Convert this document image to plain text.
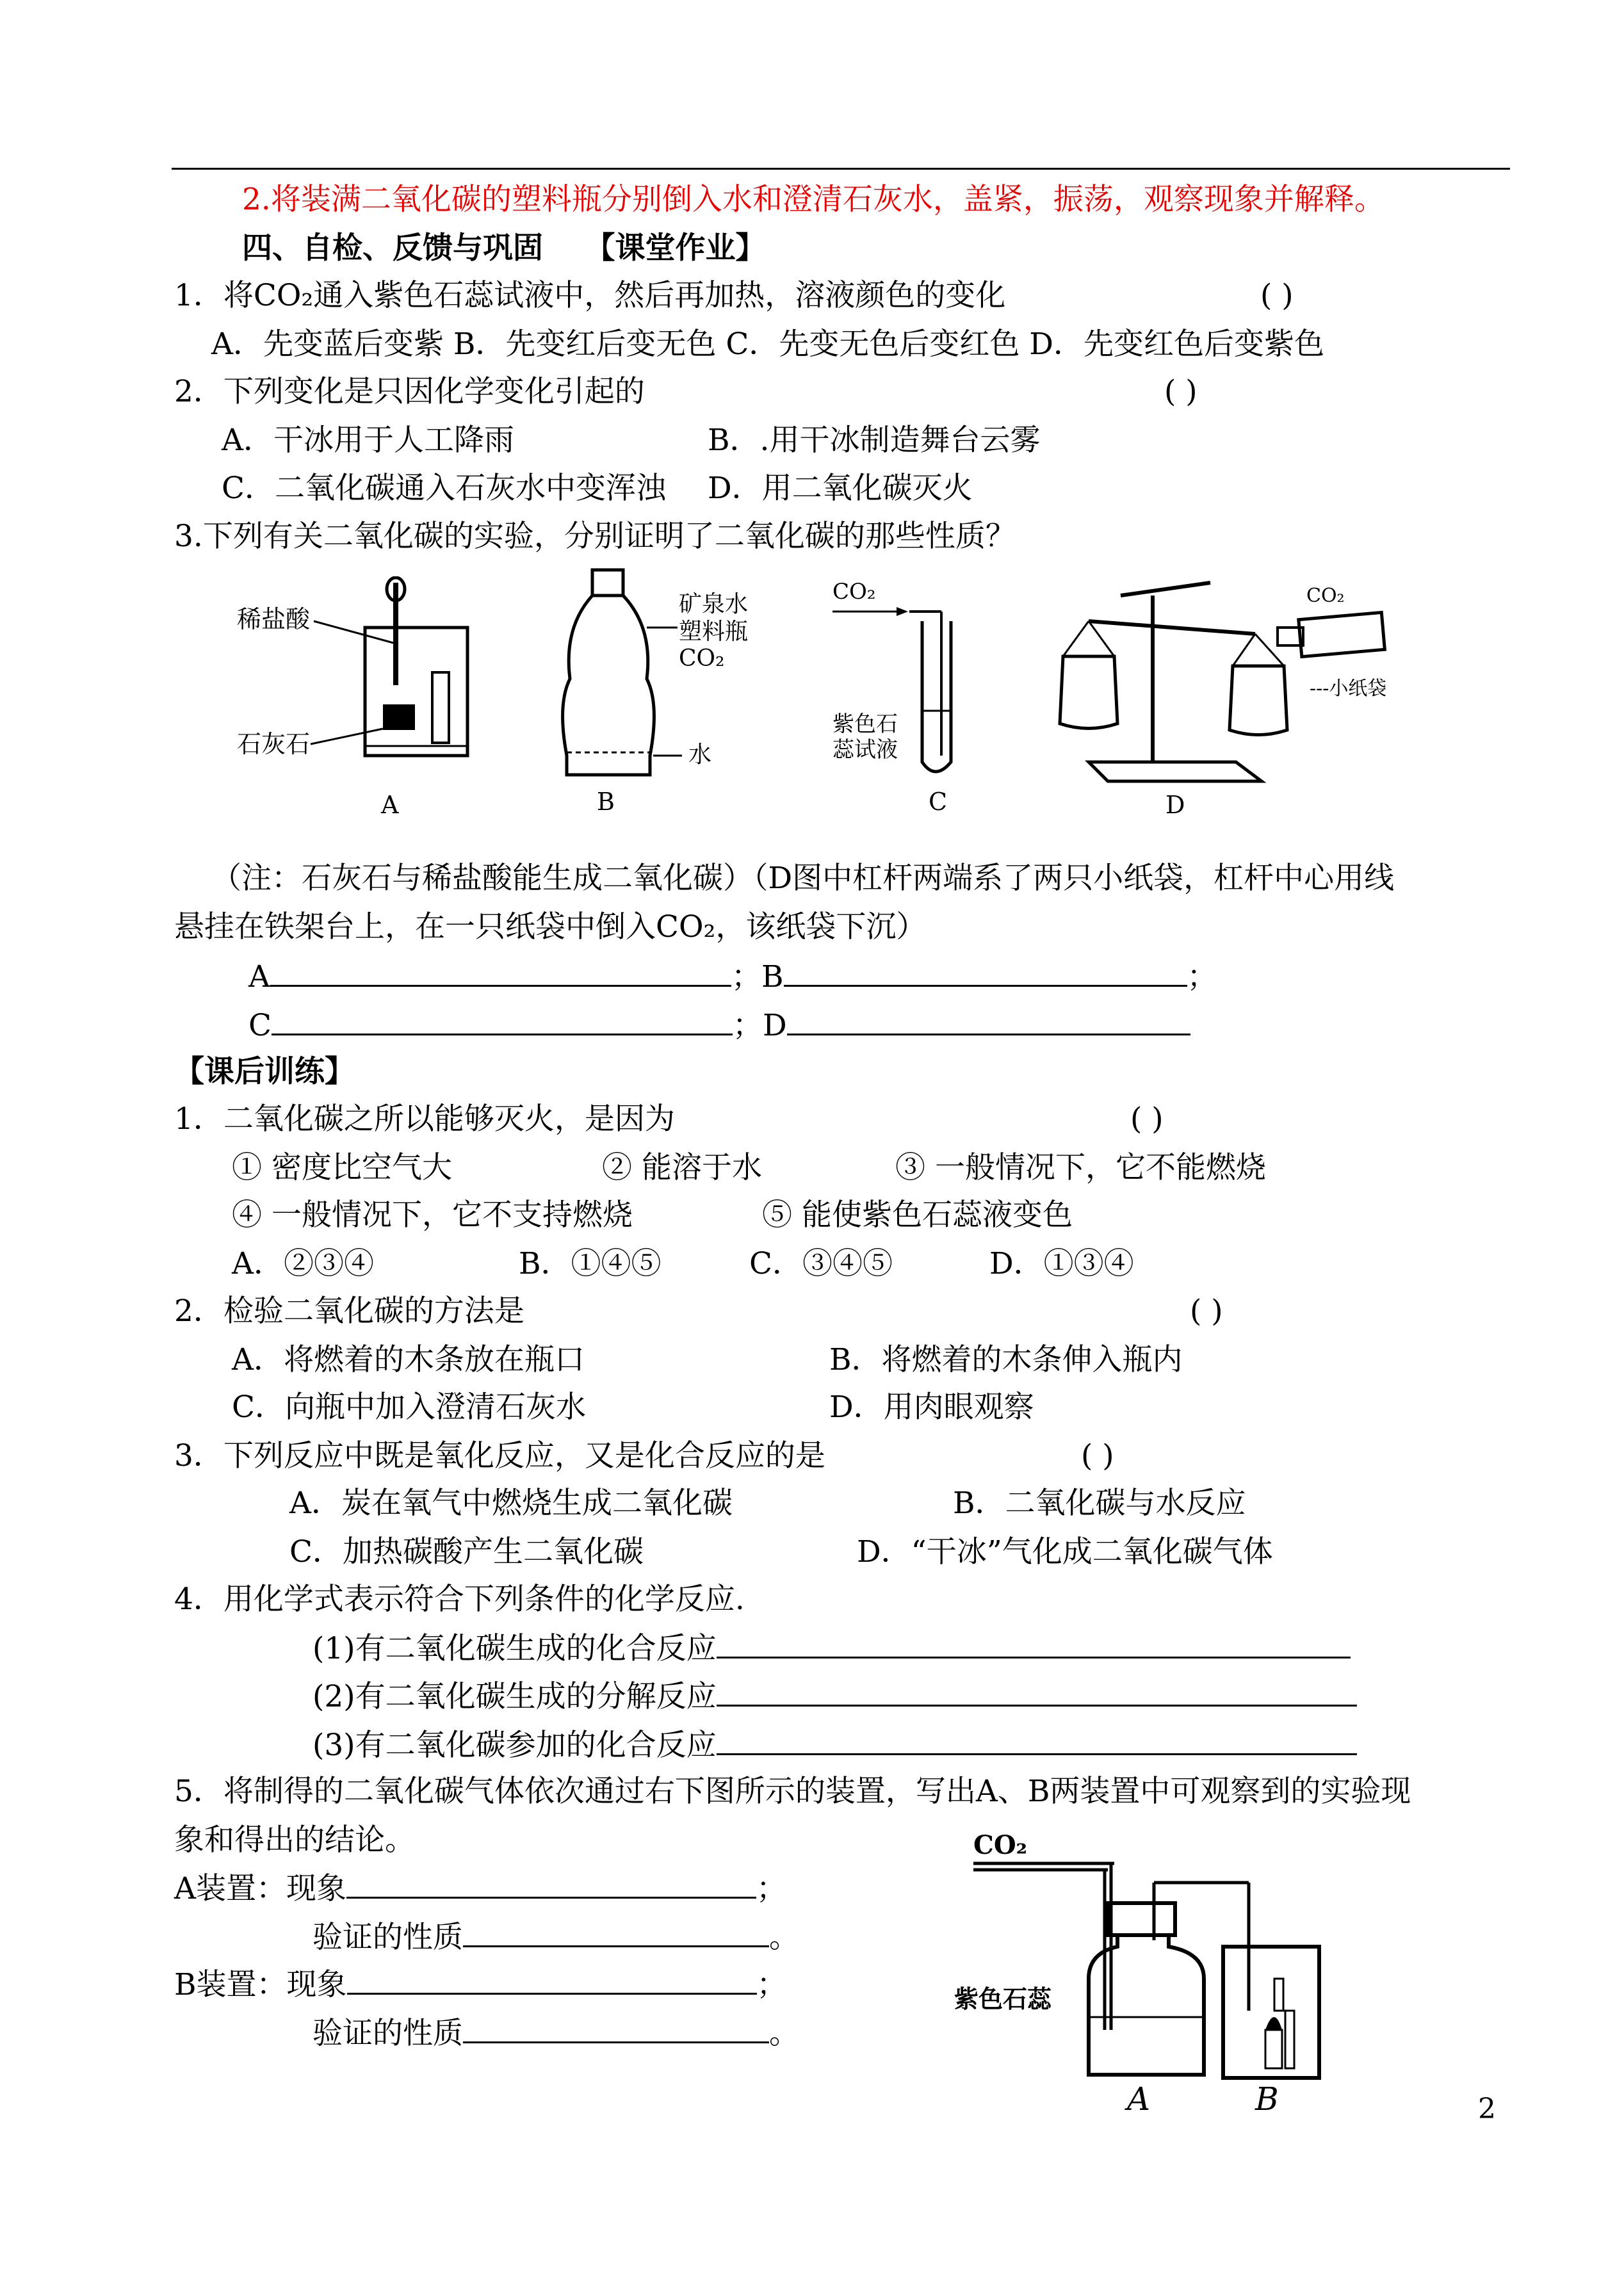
2.将装满二氧化碳的塑料瓶分别倒入水和澄清石灰水，盖紧，振荡，观察现象并解释。
四、自检、反馈与巩固 【课堂作业】
1．将CO₂通入紫色石蕊试液中，然后再加热，溶液颜色的变化	( )
A．先变蓝后变紫 B．先变红后变无色 C．先变无色后变红色 D．先变红色后变紫色
2．下列变化是只因化学变化引起的	( )
A．干冰用于人工降雨	B．.用干冰制造舞台云雾
C．二氧化碳通入石灰水中变浑浊 D．用二氧化碳灭火
3.下列有关二氧化碳的实验，分别证明了二氧化碳的那些性质？
稀盐酸
石灰石
A
矿泉水
塑料瓶
CO₂
水
B
CO₂
紫色石
蕊试液
C
CO₂
---小纸袋
D
（注：石灰石与稀盐酸能生成二氧化碳）（D图中杠杆两端系了两只小纸袋，杠杆中心用线
悬挂在铁架台上，在一只纸袋中倒入CO₂，该纸袋下沉）
A	；B	；
C	；D
【课后训练】
1．二氧化碳之所以能够灭火，是因为	( )
① 密度比空气大	② 能溶于水	③ 一般情况下，它不能燃烧
④ 一般情况下，它不支持燃烧	⑤ 能使紫色石蕊液变色
A．②③④	B．①④⑤	C．③④⑤	D．①③④
2．检验二氧化碳的方法是	( )
A．将燃着的木条放在瓶口	B．将燃着的木条伸入瓶内
C．向瓶中加入澄清石灰水	D．用肉眼观察
3．下列反应中既是氧化反应，又是化合反应的是	( )
A．炭在氧气中燃烧生成二氧化碳	B．二氧化碳与水反应
C．加热碳酸产生二氧化碳	D．“干冰”气化成二氧化碳气体
4．用化学式表示符合下列条件的化学反应.
(1)有二氧化碳生成的化合反应
(2)有二氧化碳生成的分解反应
(3)有二氧化碳参加的化合反应
5．将制得的二氧化碳气体依次通过右下图所示的装置，写出A、B两装置中可观察到的实验现
象和得出的结论。
A装置：现象	；
验证的性质	。
B装置：现象	；
验证的性质	。
CO₂
紫色石蕊
A	B	2
